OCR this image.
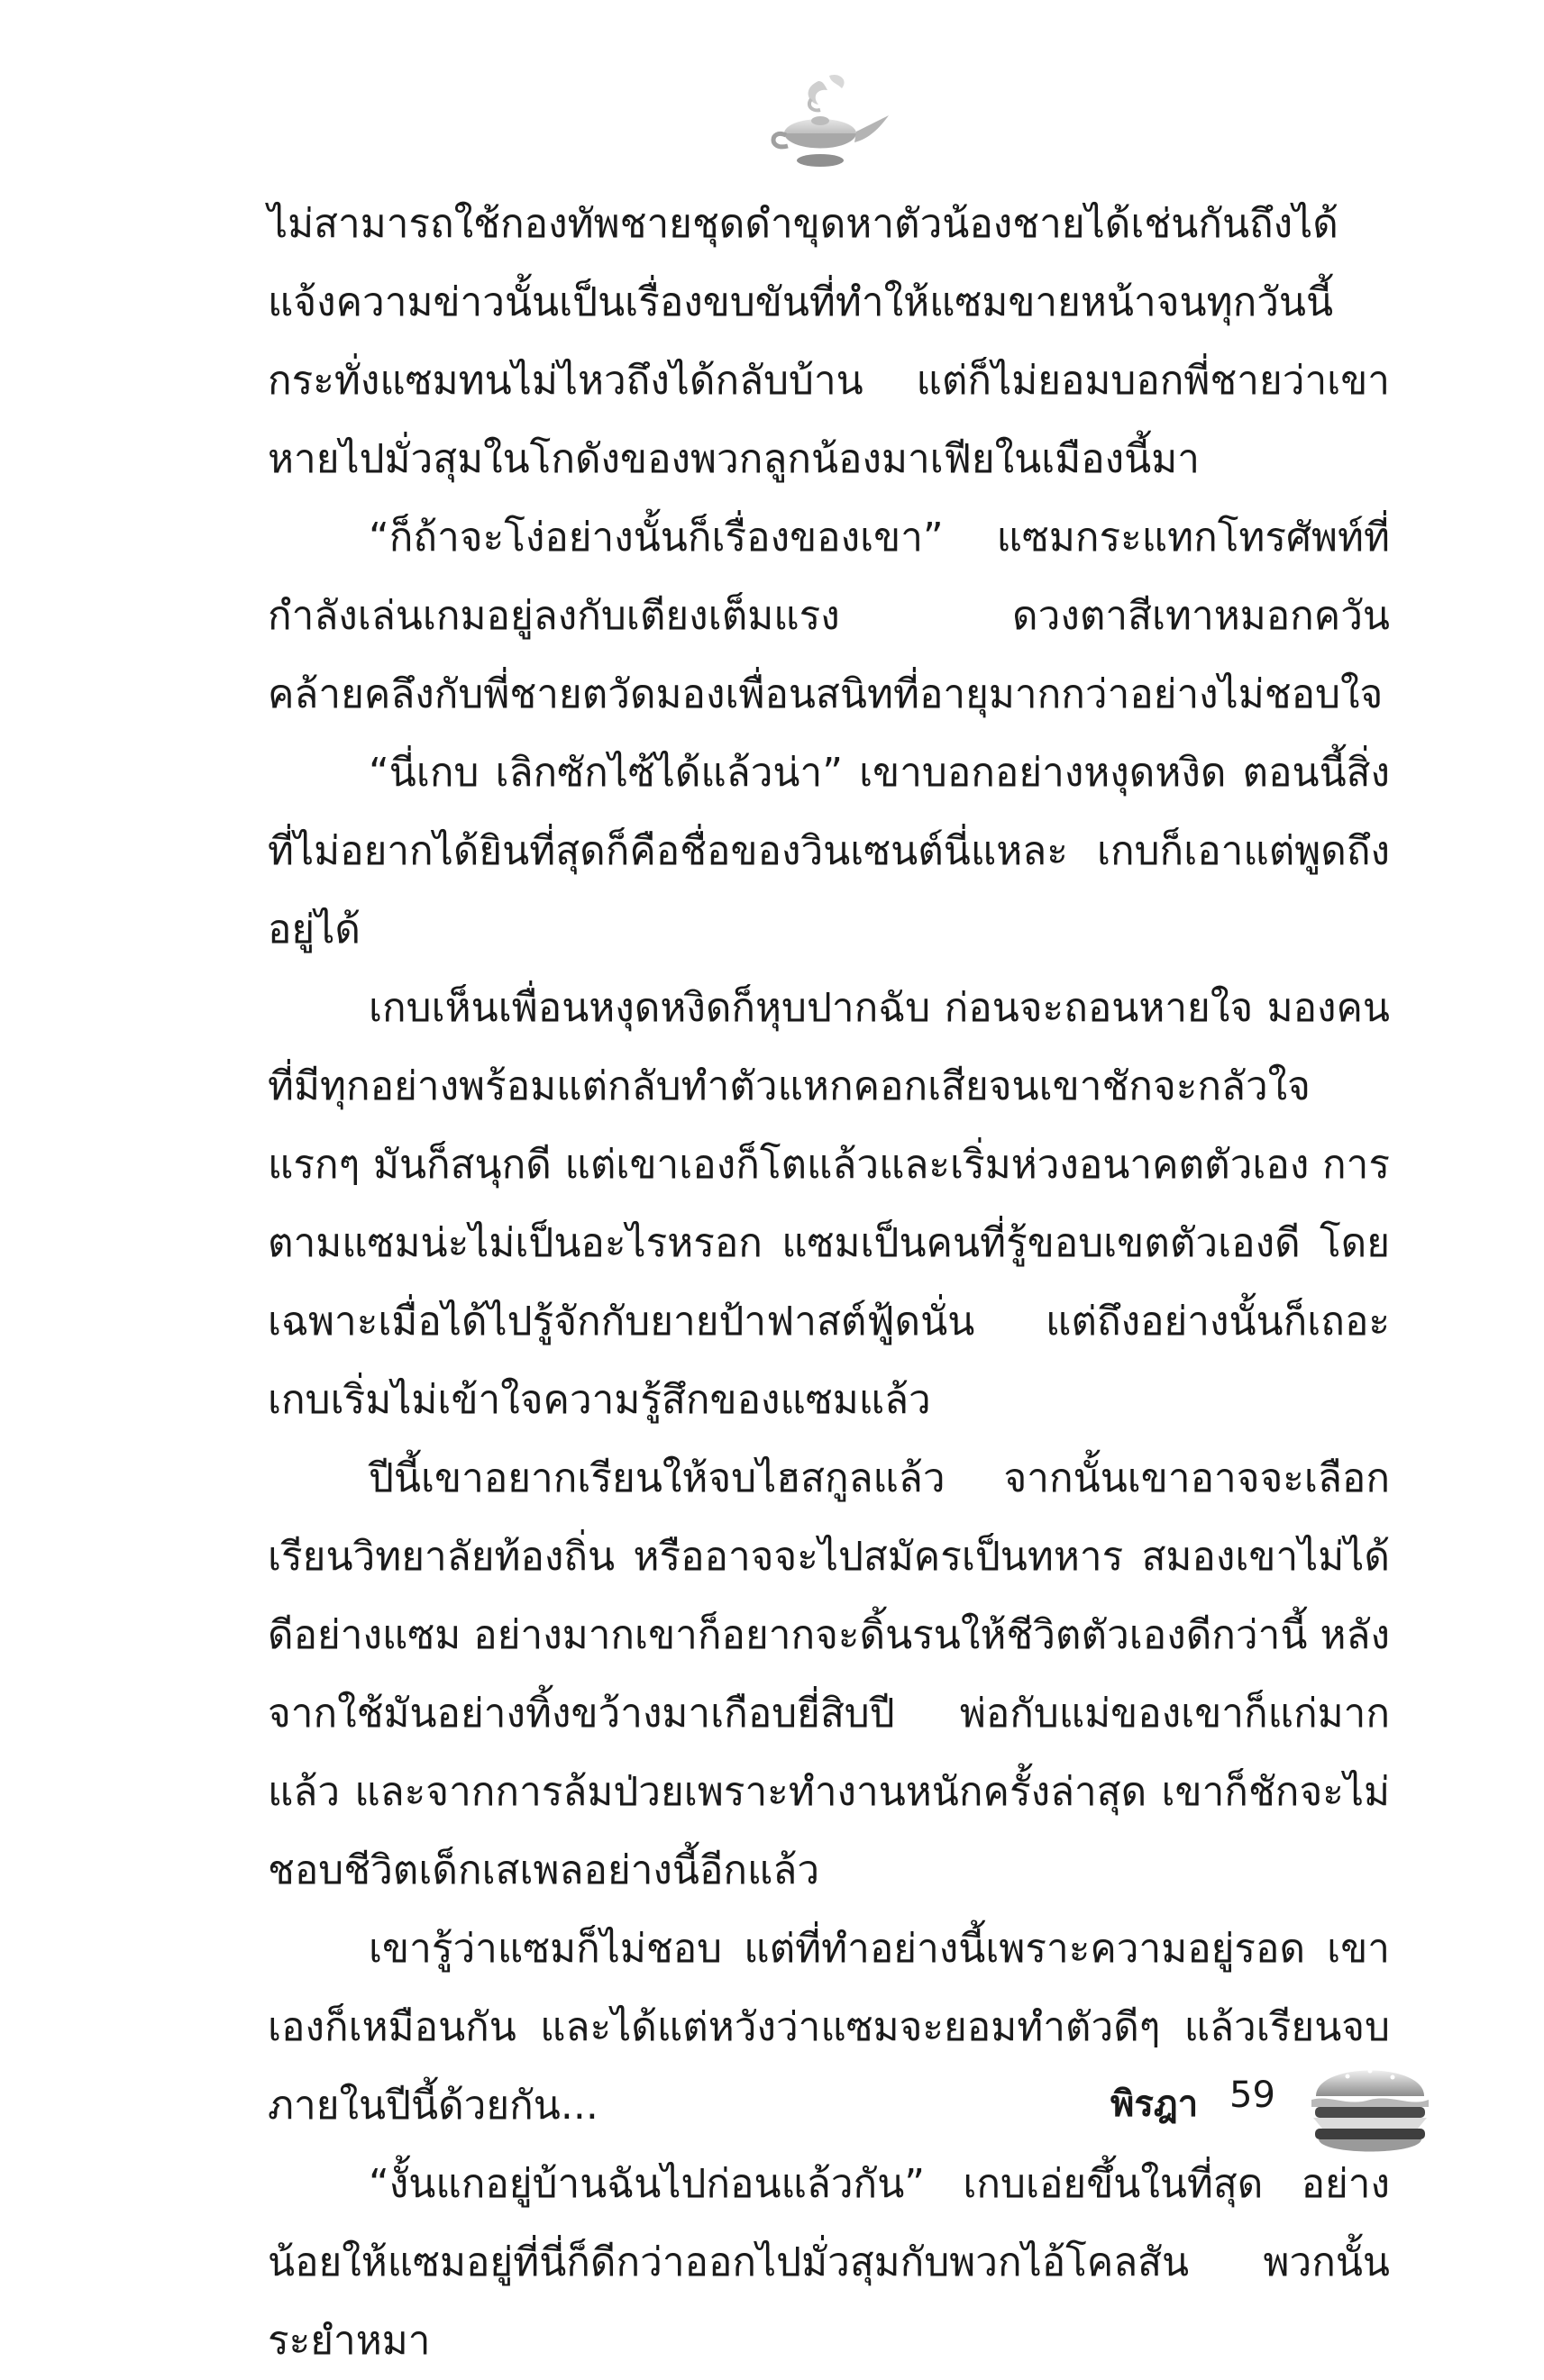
ไม่สามารถใช้กองทัพชายชุดดำขุดหาตัวน้องชายได้เช่นกันถึงได้แจ้งความข่าวนั้นเป็นเรื่องขบขันที่ทำให้แซมขายหน้าจนทุกวันนี้ กระทั่งแซมทนไม่ไหวถึงได้กลับบ้าน แต่ก็ไม่ยอมบอกพี่ชายว่าเขาหายไปมั่วสุมในโกดังของพวกลูกน้องมาเฟียในเมืองนี้มา

“ก็ถ้าจะโง่อย่างนั้นก็เรื่องของเขา” แซมกระแทกโทรศัพท์ที่กำลังเล่นเกมอยู่ลงกับเตียงเต็มแรง ดวงตาสีเทาหมอกควันคล้ายคลึงกับพี่ชายตวัดมองเพื่อนสนิทที่อายุมากกว่าอย่างไม่ชอบใจ

“นี่เกบ เลิกซักไซ้ได้แล้วน่า” เขาบอกอย่างหงุดหงิด ตอนนี้สิ่งที่ไม่อยากได้ยินที่สุดก็คือชื่อของวินเซนต์นี่แหละ เกบก็เอาแต่พูดถึงอยู่ได้

เกบเห็นเพื่อนหงุดหงิดก็หุบปากฉับ ก่อนจะถอนหายใจ มองคนที่มีทุกอย่างพร้อมแต่กลับทำตัวแหกคอกเสียจนเขาชักจะกลัวใจ แรกๆ มันก็สนุกดี แต่เขาเองก็โตแล้วและเริ่มห่วงอนาคตตัวเอง การตามแซมน่ะไม่เป็นอะไรหรอก แซมเป็นคนที่รู้ขอบเขตตัวเองดี โดยเฉพาะเมื่อได้ไปรู้จักกับยายป้าฟาสต์ฟู้ดนั่น แต่ถึงอย่างนั้นก็เถอะ เกบเริ่มไม่เข้าใจความรู้สึกของแซมแล้ว

ปีนี้เขาอยากเรียนให้จบไฮสกูลแล้ว จากนั้นเขาอาจจะเลือกเรียนวิทยาลัยท้องถิ่น หรืออาจจะไปสมัครเป็นทหาร สมองเขาไม่ได้ดีอย่างแซม อย่างมากเขาก็อยากจะดิ้นรนให้ชีวิตตัวเองดีกว่านี้ หลังจากใช้มันอย่างทิ้งขว้างมาเกือบยี่สิบปี พ่อกับแม่ของเขาก็แก่มากแล้ว และจากการล้มป่วยเพราะทำงานหนักครั้งล่าสุด เขาก็ชักจะไม่ชอบชีวิตเด็กเสเพลอย่างนี้อีกแล้ว

เขารู้ว่าแซมก็ไม่ชอบ แต่ที่ทำอย่างนี้เพราะความอยู่รอด เขาเองก็เหมือนกัน และได้แต่หวังว่าแซมจะยอมทำตัวดีๆ แล้วเรียนจบภายในปีนี้ด้วยกัน...

“งั้นแกอยู่บ้านฉันไปก่อนแล้วกัน” เกบเอ่ยขึ้นในที่สุด อย่างน้อยให้แซมอยู่ที่นี่ก็ดีกว่าออกไปมั่วสุมกับพวกไอ้โคลสัน พวกนั้นระยำหมา

พิรฎา 59
